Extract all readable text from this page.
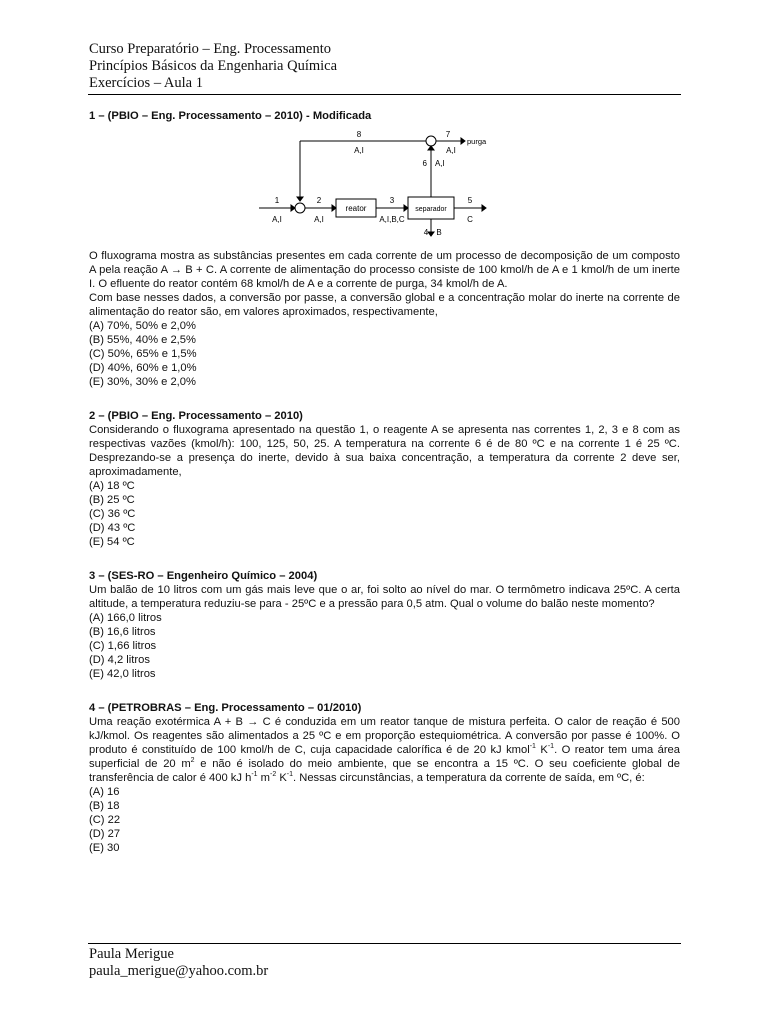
Curso Preparatório – Eng. Processamento
Princípios Básicos da Engenharia Química
Exercícios – Aula 1
1 – (PBIO – Eng. Processamento – 2010) - Modificada
reator	separador
1
A,I
2
A,I
3
A,I,B,C
4 B
5
C
6 A,I
7
A,I
purga
8
A,I
O fluxograma mostra as substâncias presentes em cada corrente de um processo de decomposição de um composto A pela reação A → B + C. A corrente de alimentação do processo consiste de 100 kmol/h de A e 1 kmol/h de um inerte I. O efluente do reator contém 68 kmol/h de A e a corrente de purga, 34 kmol/h de A.
Com base nesses dados, a conversão por passe, a conversão global e a concentração molar do inerte na corrente de alimentação do reator são, em valores aproximados, respectivamente,
(A) 70%, 50% e 2,0%
(B) 55%, 40% e 2,5%
(C) 50%, 65% e 1,5%
(D) 40%, 60% e 1,0%
(E) 30%, 30% e 2,0%
2 – (PBIO – Eng. Processamento – 2010)
Considerando o fluxograma apresentado na questão 1, o reagente A se apresenta nas correntes 1, 2, 3 e 8 com as respectivas vazões (kmol/h): 100, 125, 50, 25. A temperatura na corrente 6 é de 80 ºC e na corrente 1 é 25 ºC. Desprezando-se a presença do inerte, devido à sua baixa concentração, a temperatura da corrente 2 deve ser, aproximadamente,
(A) 18 ºC
(B) 25 ºC
(C) 36 ºC
(D) 43 ºC
(E) 54 ºC
3 – (SES-RO – Engenheiro Químico – 2004)
Um balão de 10 litros com um gás mais leve que o ar, foi solto ao nível do mar. O termômetro indicava 25ºC. A certa altitude, a temperatura reduziu-se para - 25ºC e a pressão para 0,5 atm. Qual o volume do balão neste momento?
(A) 166,0 litros
(B) 16,6 litros
(C) 1,66 litros
(D) 4,2 litros
(E) 42,0 litros
4 – (PETROBRAS – Eng. Processamento – 01/2010)
Uma reação exotérmica A + B → C é conduzida em um reator tanque de mistura perfeita. O calor de reação é 500 kJ/kmol. Os reagentes são alimentados a 25 ºC e em proporção estequiométrica. A conversão por passe é 100%. O produto é constituído de 100 kmol/h de C, cuja capacidade calorífica é de 20 kJ kmol$^{-1}$ $K^{-1}$. O reator tem uma área superficial de 20 $m^2$ e não é isolado do meio ambiente, que se encontra a 15 ºC. O seu coeficiente global de transferência de calor é 400 kJ $h^{-1}$ $m^{-2}$ $K^{-1}$. Nessas circunstâncias, a temperatura da corrente de saída, em ºC, é:
(A) 16
(B) 18
(C) 22
(D) 27
(E) 30
Paula Merigue
paula_merigue@yahoo.com.br
